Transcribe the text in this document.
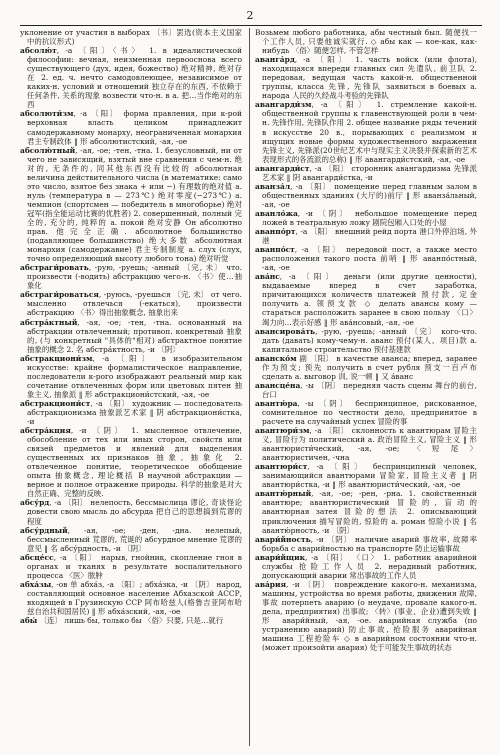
2

уклонение от участия в выборах 〔书〕罢选(资本主义国家中的抗议形式)

абсолю́т, -а 〔阳〕〈书〉 1. в идеалистической философии: вечная, неизменная первооснова всего существующего (дух, идея, божество) 绝对精神, 绝对存在 2. ед. ч. нечто самодовлеющее, независимое от каких-н. условий и отношений 独立存在的东西, 不依赖于任何条件, 关系的现象 возвести что-н. в а. 把…当作绝对的东西

абсолюти́зм, -а 〔阳〕 форма правления, при к-рой верховная власть целиком принадлежит самодержавному монарху, неограниченная монархия 君主专制政体 ‖ 形 абсолютистский, -ая, -ое

абсолю́тный, -ая, -ое; -тен, -тна. 1. безусловный, ни от чего не зависящий, взятый вне сравнения с чем-н. 绝对的, 无条件的, 同其他东西没有比较的 абсолютная величина действительного числа (в математике: само это число, взятое без знака + или −) 有理数的绝对值 а. нуль (температура в — 273℃) 绝对零度(−273℃) а. чемпион (спортсмен — победитель в многоборье) 绝对冠军(指全能运动比赛的优胜者) 2. совершенный, полный 完全的, 充分的, 纯粹的 а. покой 绝对安静 Он абсолютно прав. 他完全正确. абсолютное большинство (подавляющее большинство) 绝大多数 абсолютная монархия (самодержавие) 君主专制制度 а. слух (слух, точно определяющий высоту любого тона) 绝对听觉

абстраги́ровать, -рую, -руешь; -анный 〔完, 未〕 что. произвести (-водить) абстракцию чего-н. 〈书〉使…抽象化

абстраги́роваться, -руюсь, -руешься 〔完, 未〕 от чего. мысленно отвлечься (-екаться), произвести абстракцию 〈书〉得出抽象概念, 抽象出来

абстра́ктный, -ая, -ое; -тен, -тна. основанный на абстракции отвлеченный; противоп. конкретный 抽象的, (与 конкретный "具体的"相对) абстрактное понятие 抽象的概念 2. 名 абстра́ктность, -и 〔阴〕

абстракциони́зм, -а 〔阳〕 в изобразительном искусстве: крайне формалистическое направление, последователи к-рого изображают реальный мир как сочетание отвлеченных форм или цветовых пятен 抽象主义, 抽象派 ‖ 形 абстракциони́стский, -ая, -ое

абстракциони́ст, -а 〔阳〕 художник — последователь абстракционизма 抽象派艺术家 ‖ 阴 абстракциони́стка, -и

абстра́кция, -и 〔阴〕 1. мысленное отвлечение, обособление от тех или иных сторон, свойств или связей предметов и явлений для выделения существенных их признаков 抽象, 抽象化 2. отвлеченное понятие, теоретическое обобщение опыта 抽象概念, 理论概括 В научной абстракции — верное и полное отражение природы. 科学的抽象是对大自然正确、完整的反映.

абсу́рд, -а 〔阳〕 нелепость, бессмыслица 谬论, 奇谈怪论 довести свою мысль до абсурда 把自己的思想搞到荒谬的程度

абсу́рдный, -ая, -ое; -ден, -дна. нелепый, бессмысленный 荒谬的, 荒诞的 абсурдное мнение 荒谬的意见 ‖ 名 абсу́рдность, -и 〔阴〕

абсце́сс, -а 〔阳〕 нарыв, гнойник, скопление гноя в органах и тканях в результате воспалительного процесса 〈医〉脓肿

абха́зы, -ов 单 абха́з, -а 〔阳〕; абха́зка, -и 〔阴〕 народ, составляющий основное население Абхазской АССР, входящей в Грузинскую ССР 阿布哈兹人(格鲁吉亚阿布哈兹自治共和国居民) ‖ 形 абха́зский, -ая, -ое

абы́ 〔连〕 лишь бы, только бы 〈俗〉只要, 只是…就行

Возьмем любого работника, абы честный был. 随便找一个工作人员, 只要他诚实就行. ◇ абы как — кое-как, как-нибудь 〈俗〉随便怎样, 不管怎样

аванга́рд, -а 〔阳〕 1. часть войск (или флота), находящаяся впереди главных сил 先遣队, 前卫队 2. передовая, ведущая часть какой-н. общественной группы, класса 先锋, 先锋队 заявиться в боевых а. народа 人民的久经战斗考验的先锋队

авангарди́зм, -а 〔阳〕 1. стремление какой-н. общественной группы к главенствующей роли в чем-н. 先锋作用, 先锋队作用 2. общее название ряды течений в искусстве 20 в., порывающих с реализмом и ищущих новые формы художественного выражения 先锋主义, 先锋派(20世纪艺术中与现实主义决裂并探索新的艺术表现形式的各流派的总称) ‖ 形 авангарди́стский, -ая, -ое

авангарди́ст, -а 〔阳〕 сторонник авангардизма 先锋派艺术家 ‖ 阴 авангарди́стка, -и

аванза́л, -а 〔阳〕 помещение перед главным залом в общественных зданиях (大厅的)前厅 ‖ 形 аванза́льный, -ая, -ое

аванло́жа, -и 〔阴〕 небольшое помещение перед ложей в театральную ложу 剧院包厢入口处的小屋

аванпо́рт, -а 〔阳〕 внешний рейд порта 港口外停泊场, 外港

аванпо́ст, -а 〔阳〕 передовой пост, а также место расположения такого поста 前哨 ‖ 形 аванпо́стный, -ая, -ое

ава́нс, -а 〔阳〕 деньги (или другие ценности), выдаваемые вперед в счет заработка, причитающихся количеств платежей 预付款, 定金 получить а. 领预支款 ◇ делать авансы кому — стараться расположить заранее в свою пользу 〈口〉竭力向…表示好感 ‖ 形 ава́нсовый, -ая, -ое

авансирова́ть, -рую, -руешь; -анный 〔完〕 кого-что. дать (давать) кому-чему-н. аванс 预付(某人、项目)款 а. капитальное строительство 预付基建款

аванско́м 副 〔阳〕 в качестве аванса; вперед, заранее 作为预支; 预先 получить в счет рубля 预支一百卢布 сделать а. выговор 训, 说一顿 ‖ 又 а́ванс

авансце́на, -ы 〔阴〕 передняя часть сцены 舞台的前台, 台口

авантю́ра, -ы 〔阴〕 беспринципное, рискованное, сомнительное по честности дело, предпринятое в расчете на случайный успех 冒险的事

авантюри́зм, -а 〔阳〕 склонность к авантюрам 冒险主义, 冒险行为 политический а. 政治冒险主义, 冒险主义 ‖ 形 авантюристи́ческий, -ая, -ое; 〈短尾〉 авантюристичен, -чна

авантюри́ст, -а 〔阳〕 беспринципный человек, занимающийся авантюрами 冒险家, 冒险主义者 ‖ 阴 авантюри́стка, -и ‖ 形 авантюристи́ческий, -ая, -ое

авантю́рный, -ая, -ое; -рен, -рна. 1. свойственный авантюре; авантюристический 冒险的, 盲动的 авантюрная затея 冒险的想法 2. описывающий приключения 描写冒险的, 惊险的 а. роман 惊险小说 ‖ 名 авантю́рность, -и 〔阴〕

авари́йность, -и 〔阴〕 наличие аварий 事故率, 故障率 борьба с аварийностью на транспорте 防止运输事故

авари́йщик, -а 〔阳〕 〈口〉 1. работник аварийной службы 抢险工作人员 2. нерадивый работник, допускающий аварии 常出事故的工作人员

ава́рия, -и 〔阴〕 повреждение какого-н. механизма, машины, устройства во время работы, движения 故障, 事故 потерпеть аварию (о неудаче, провале какого-н. дела, предприятия) 出事故; 〈转〉(事业、企业)遭到失败 ‖ 形 авари́йный, -ая, -ое. аварийная служба (по устранению аварий) 防止事故, 抢险服务 аварийная машина 工程抢险车 ◇ в аварийном состоянии что-н. (может произойти авария) 处于可能发生事故的状态
